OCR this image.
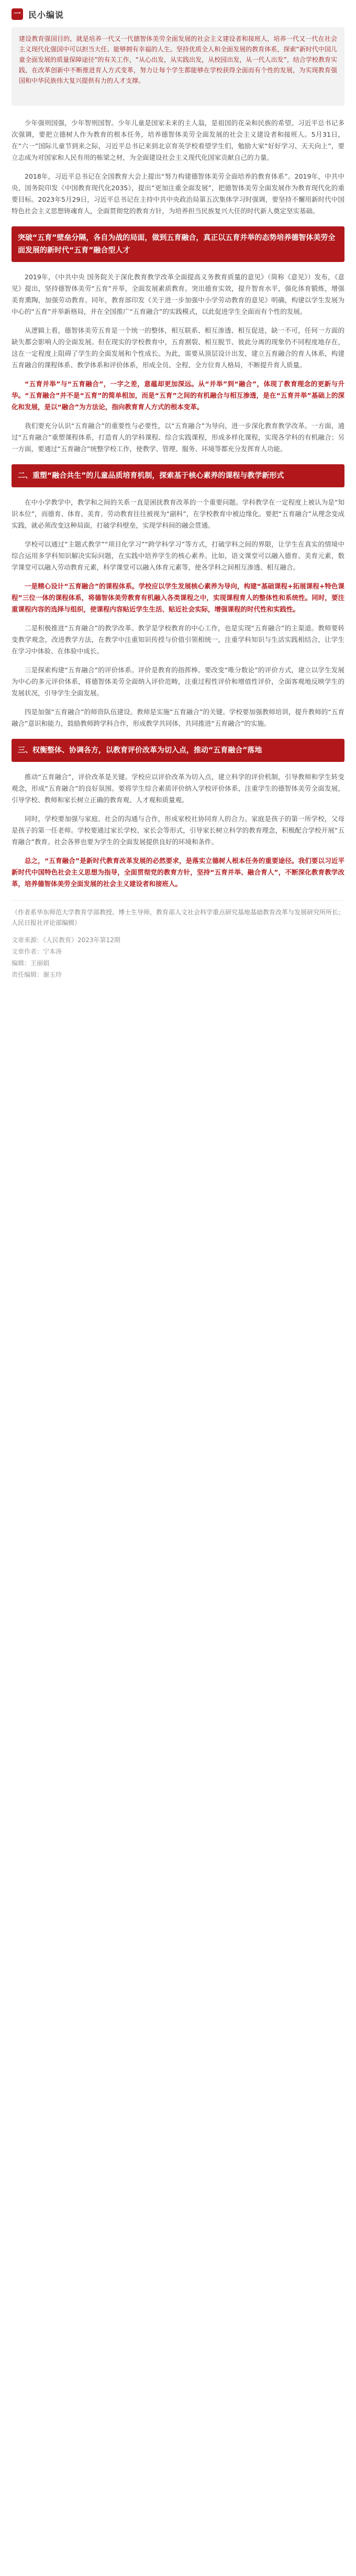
一 民小编说

建设教育强国目的，就是培养一代又一代德智体美劳全面发展的社会主义建设者和接班人，培养一代又一代在社会主义现代化强国中可以担当大任、能够拥有幸福的人生。坚持优质全人和全面发展的教育体系，探索“新时代中国儿童全面发展的质量保障途径”的有关工作，“从心出发，从实践出发，从校园出发，从一代人出发”，结合学校教育实践，在改革创新中不断推进育人方式变革，努力让每个学生都能够在学校获得全面而有个性的发展，为实现教育强国和中华民族伟大复兴提供有力的人才支撑。

少年强则国强，少年智则国智。少年儿童是国家未来的主人翁，是祖国的花朵和民族的希望。习近平总书记多次强调，要把立德树人作为教育的根本任务，培养德智体美劳全面发展的社会主义建设者和接班人。5月31日，在“六一”国际儿童节到来之际，习近平总书记来到北京育英学校看望学生们，勉励大家“好好学习、天天向上”，要立志成为对国家和人民有用的栋梁之材，为全面建设社会主义现代化国家贡献自己的力量。

2018年，习近平总书记在全国教育大会上提出“努力构建德智体美劳全面培养的教育体系”。2019年，中共中央、国务院印发《中国教育现代化2035》，提出“更加注重全面发展”，把德智体美劳全面发展作为教育现代化的重要目标。2023年5月29日，习近平总书记在主持中共中央政治局第五次集体学习时强调，要坚持不懈用新时代中国特色社会主义思想铸魂育人，全面贯彻党的教育方针，为培养担当民族复兴大任的时代新人奠定坚实基础。

突破“五育”壁垒分隔，各自为战的局面，做到五育融合，真正以五育并举的态势培养德智体美劳全面发展的新时代“五育”融合型人才

2019年，《中共中央 国务院关于深化教育教学改革全面提高义务教育质量的意见》（简称《意见》）发布，《意见》提出，坚持德智体美劳“五育”并举，全面发展素质教育。突出德育实效，提升智育水平，强化体育锻炼，增强美育熏陶，加强劳动教育。同年，教育部印发《关于进一步加强中小学劳动教育的意见》明确，构建以学生发展为中心的“五育”并举新格局，并在全国推广“五育融合”的实践模式，以此促进学生全面而有个性的发展。

从逻辑上看，德智体美劳五育是一个统一的整体，相互联系、相互渗透、相互促进，缺一不可，任何一方面的缺失都会影响人的全面发展。但在现实的学校教育中，五育割裂、相互脱节、彼此分离的现象仍不同程度地存在，这在一定程度上阻碍了学生的全面发展和个性成长。为此，需要从顶层设计出发，建立五育融合的育人体系，构建五育融合的课程体系、教学体系和评价体系，形成全员、全程、全方位育人格局，不断提升育人质量。

“五育并举”与“五育融合”，一字之差，意蕴却更加深远。从“并举”到“融合”，体现了教育理念的更新与升华。“五育融合”并不是“五育”的简单相加，而是“五育”之间的有机融合与相互渗透，是在“五育并举”基础上的深化和发展，是以“融合”为方法论，指向教育育人方式的根本变革。

我们要充分认识“五育融合”的重要性与必要性，以“五育融合”为导向，进一步深化教育教学改革。一方面，通过“五育融合”重塑课程体系，打造育人的学科课程、综合实践课程，形成多样化课程，实现各学科的有机融合；另一方面，要通过“五育融合”统整学校工作，使教学、管理、服务、环境等都充分发挥育人功能。

二、重塑“融合共生”的儿童品质培育机制，探索基于核心素养的课程与教学新形式

在中小学教学中，教学和之间的关系一直是困扰教育改革的一个重要问题。学科教学在一定程度上被认为是“知识本位”，而德育、体育、美育、劳动教育往往被视为“副科”，在学校教育中被边缘化。要把“五育融合”从理念变成实践，就必须改变这种局面，打破学科壁垒，实现学科间的融会贯通。

学校可以通过“主题式教学”“项目化学习”“跨学科学习”等方式，打破学科之间的界限，让学生在真实的情境中综合运用多学科知识解决实际问题，在实践中培养学生的核心素养。比如，语文课堂可以融入德育、美育元素，数学课堂可以融入劳动教育元素，科学课堂可以融入体育元素等，使各学科之间相互渗透、相互融合。

一是精心设计“五育融合”的课程体系。学校应以学生发展核心素养为导向，构建“基础课程+拓展课程+特色课程”三位一体的课程体系，将德智体美劳教育有机融入各类课程之中，实现课程育人的整体性和系统性。同时，要注重课程内容的选择与组织，使课程内容贴近学生生活、贴近社会实际，增强课程的时代性和实践性。

二是积极推进“五育融合”的教学改革。教学是学校教育的中心工作，也是实现“五育融合”的主渠道。教师要转变教学观念，改进教学方法，在教学中注重知识传授与价值引领相统一，注重学科知识与生活实践相结合，让学生在学习中体验、在体验中成长。

三是探索构建“五育融合”的评价体系。评价是教育的指挥棒。要改变“唯分数论”的评价方式，建立以学生发展为中心的多元评价体系，将德智体美劳全面纳入评价范畴，注重过程性评价和增值性评价，全面客观地反映学生的发展状况，引导学生全面发展。

四是加强“五育融合”的师资队伍建设。教师是实施“五育融合”的关键。学校要加强教师培训，提升教师的“五育融合”意识和能力，鼓励教师跨学科合作，形成教学共同体，共同推进“五育融合”的实施。

三、权衡整体、协调各方，以教育评价改革为切入点，推动“五育融合”落地

推动“五育融合”，评价改革是关键。学校应以评价改革为切入点，建立科学的评价机制，引导教师和学生转变观念，形成“五育融合”的良好氛围。要将学生综合素质评价纳入学校评价体系，注重学生的德智体美劳全面发展，引导学校、教师和家长树立正确的教育观、人才观和质量观。

同时，学校要加强与家庭、社会的沟通与合作，形成家校社协同育人的合力。家庭是孩子的第一所学校，父母是孩子的第一任老师。学校要通过家长学校、家长会等形式，引导家长树立科学的教育理念，积极配合学校开展“五育融合”教育。社会各界也要为学生的全面发展提供良好的环境和条件。

总之，“五育融合”是新时代教育改革发展的必然要求，是落实立德树人根本任务的重要途径。我们要以习近平新时代中国特色社会主义思想为指导，全面贯彻党的教育方针，坚持“五育并举、融合育人”，不断深化教育教学改革，培养德智体美劳全面发展的社会主义建设者和接班人。

（作者系华东师范大学教育学部教授、博士生导师，教育部人文社会科学重点研究基地基础教育改革与发展研究所所长；人民日报社评论部编辑）
文章来源：《人民教育》2023年第12期
文章作者：宁本涛
编辑：王丽娟
责任编辑：谢玉玲
